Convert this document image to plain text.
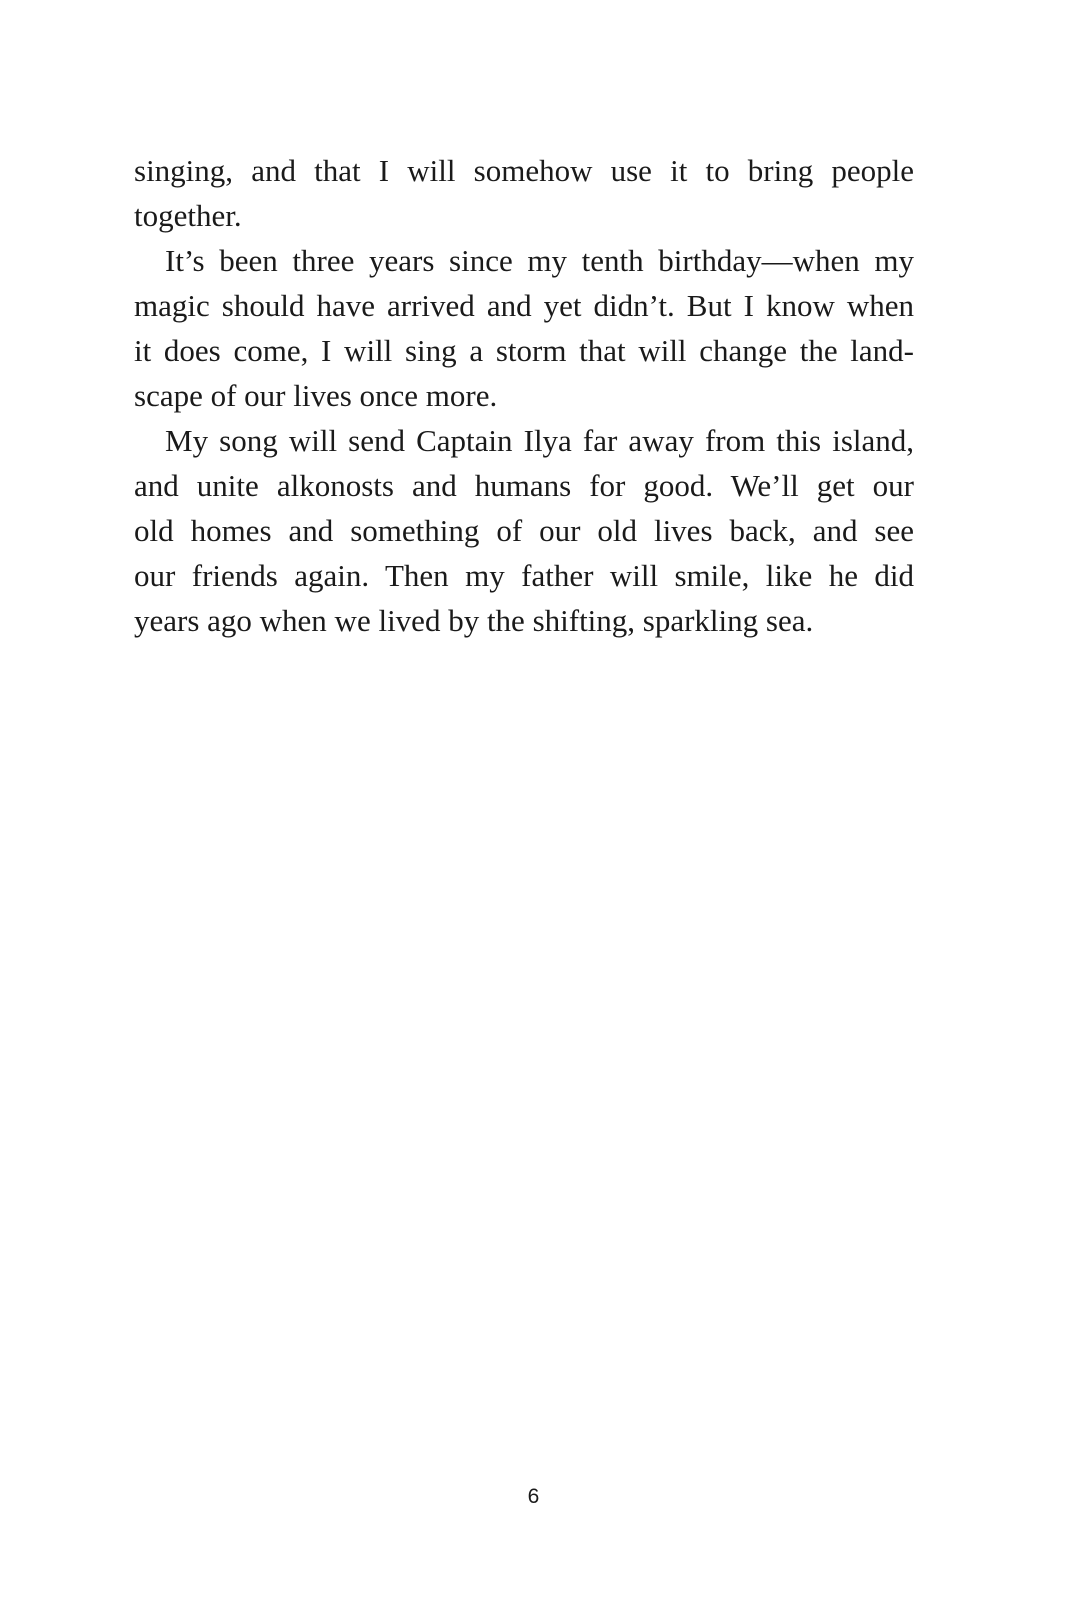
singing, and that I will somehow use it to bring people
together.
It’s been three years since my tenth birthday—when my
magic should have arrived and yet didn’t. But I know when
it does come, I will sing a storm that will change the land-
scape of our lives once more.
My song will send Captain Ilya far away from this island,
and unite alkonosts and humans for good. We’ll get our
old homes and something of our old lives back, and see
our friends again. Then my father will smile, like he did
years ago when we lived by the shifting, sparkling sea.
6
